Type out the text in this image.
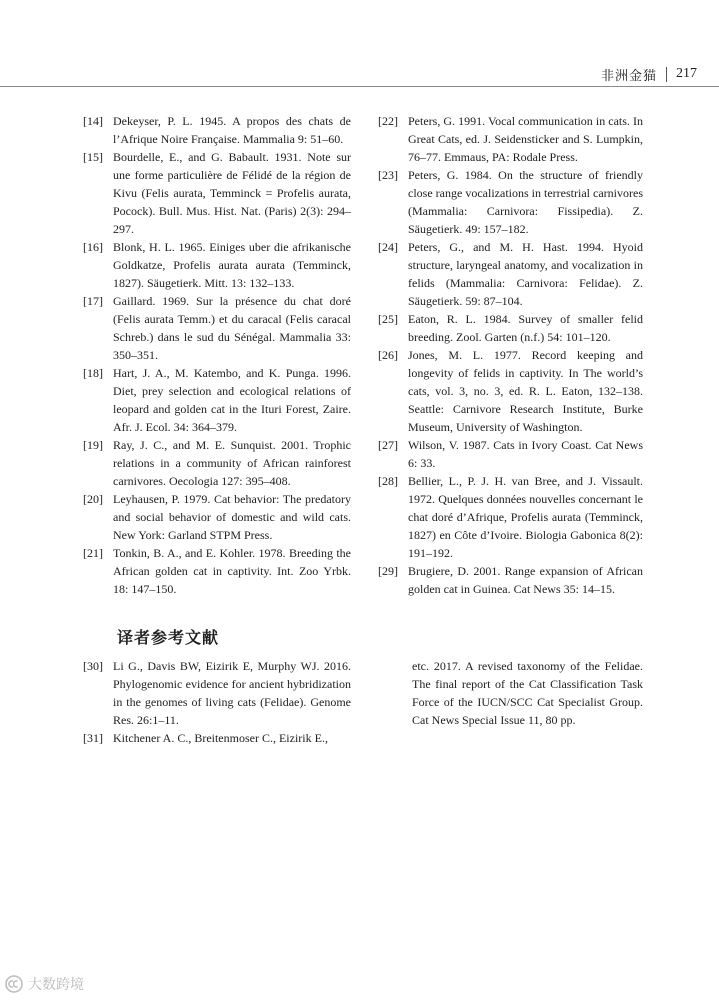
非洲金猫 217
[14] Dekeyser, P. L. 1945. A propos des chats de l’Afrique Noire Française. Mammalia 9: 51–60.
[15] Bourdelle, E., and G. Babault. 1931. Note sur une forme particulière de Félidé de la région de Kivu (Felis aurata, Temminck = Profelis aurata, Pocock). Bull. Mus. Hist. Nat. (Paris) 2(3): 294–297.
[16] Blonk, H. L. 1965. Einiges uber die afrikanische Goldkatze, Profelis aurata aurata (Temminck, 1827). Säugetierk. Mitt. 13: 132–133.
[17] Gaillard. 1969. Sur la présence du chat doré (Felis aurata Temm.) et du caracal (Felis caracal Schreb.) dans le sud du Sénégal. Mammalia 33: 350–351.
[18] Hart, J. A., M. Katembo, and K. Punga. 1996. Diet, prey selection and ecological relations of leopard and golden cat in the Ituri Forest, Zaire. Afr. J. Ecol. 34: 364–379.
[19] Ray, J. C., and M. E. Sunquist. 2001. Trophic relations in a community of African rainforest carnivores. Oecologia 127: 395–408.
[20] Leyhausen, P. 1979. Cat behavior: The predatory and social behavior of domestic and wild cats. New York: Garland STPM Press.
[21] Tonkin, B. A., and E. Kohler. 1978. Breeding the African golden cat in captivity. Int. Zoo Yrbk. 18: 147–150.
[22] Peters, G. 1991. Vocal communication in cats. In Great Cats, ed. J. Seidensticker and S. Lumpkin, 76–77. Emmaus, PA: Rodale Press.
[23] Peters, G. 1984. On the structure of friendly close range vocalizations in terrestrial carnivores (Mammalia: Carnivora: Fissipedia). Z. Säugetierk. 49: 157–182.
[24] Peters, G., and M. H. Hast. 1994. Hyoid structure, laryngeal anatomy, and vocalization in felids (Mammalia: Carnivora: Felidae). Z. Säugetierk. 59: 87–104.
[25] Eaton, R. L. 1984. Survey of smaller felid breeding. Zool. Garten (n.f.) 54: 101–120.
[26] Jones, M. L. 1977. Record keeping and longevity of felids in captivity. In The world’s cats, vol. 3, no. 3, ed. R. L. Eaton, 132–138. Seattle: Carnivore Research Institute, Burke Museum, University of Washington.
[27] Wilson, V. 1987. Cats in Ivory Coast. Cat News 6: 33.
[28] Bellier, L., P. J. H. van Bree, and J. Vissault. 1972. Quelques données nouvelles concernant le chat doré d’Afrique, Profelis aurata (Temminck, 1827) en Côte d’Ivoire. Biologia Gabonica 8(2): 191–192.
[29] Brugiere, D. 2001. Range expansion of African golden cat in Guinea. Cat News 35: 14–15.
译者参考文献
[30] Li G., Davis BW, Eizirik E, Murphy WJ. 2016. Phylogenomic evidence for ancient hybridization in the genomes of living cats (Felidae). Genome Res. 26:1–11.
[31] Kitchener A. C., Breitenmoser C., Eizirik E.,
etc. 2017. A revised taxonomy of the Felidae. The final report of the Cat Classification Task Force of the IUCN/SCC Cat Specialist Group. Cat News Special Issue 11, 80 pp.
大数跨境
